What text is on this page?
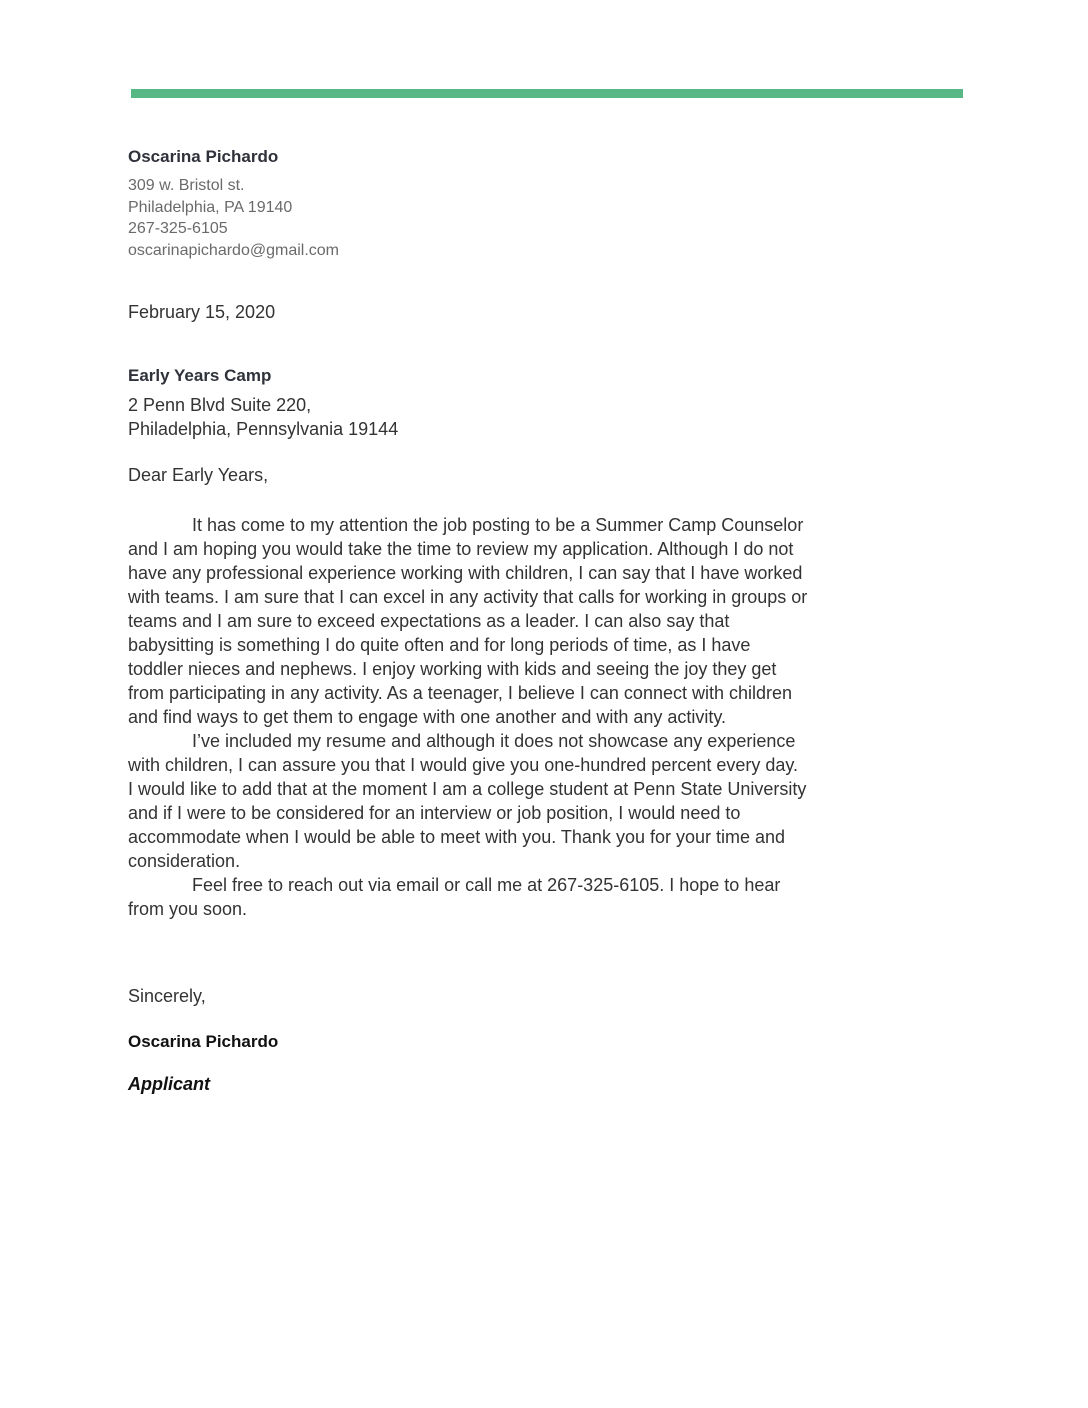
Oscarina Pichardo
309 w. Bristol st.
Philadelphia, PA 19140
267-325-6105
oscarinapichardo@gmail.com
February 15, 2020
Early Years Camp
2 Penn Blvd Suite 220,
Philadelphia, Pennsylvania 19144
Dear Early Years,

It has come to my attention the job posting to be a Summer Camp Counselor and I am hoping you would take the time to review my application. Although I do not have any professional experience working with children, I can say that I have worked with teams. I am sure that I can excel in any activity that calls for working in groups or teams and I am sure to exceed expectations as a leader. I can also say that babysitting is something I do quite often and for long periods of time, as I have toddler nieces and nephews. I enjoy working with kids and seeing the joy they get from participating in any activity. As a teenager, I believe I can connect with children and find ways to get them to engage with one another and with any activity.

I’ve included my resume and although it does not showcase any experience with children, I can assure you that I would give you one-hundred percent every day. I would like to add that at the moment I am a college student at Penn State University and if I were to be considered for an interview or job position, I would need to accommodate when I would be able to meet with you. Thank you for your time and consideration.

Feel free to reach out via email or call me at 267-325-6105. I hope to hear from you soon.

Sincerely,
Oscarina Pichardo
Applicant
